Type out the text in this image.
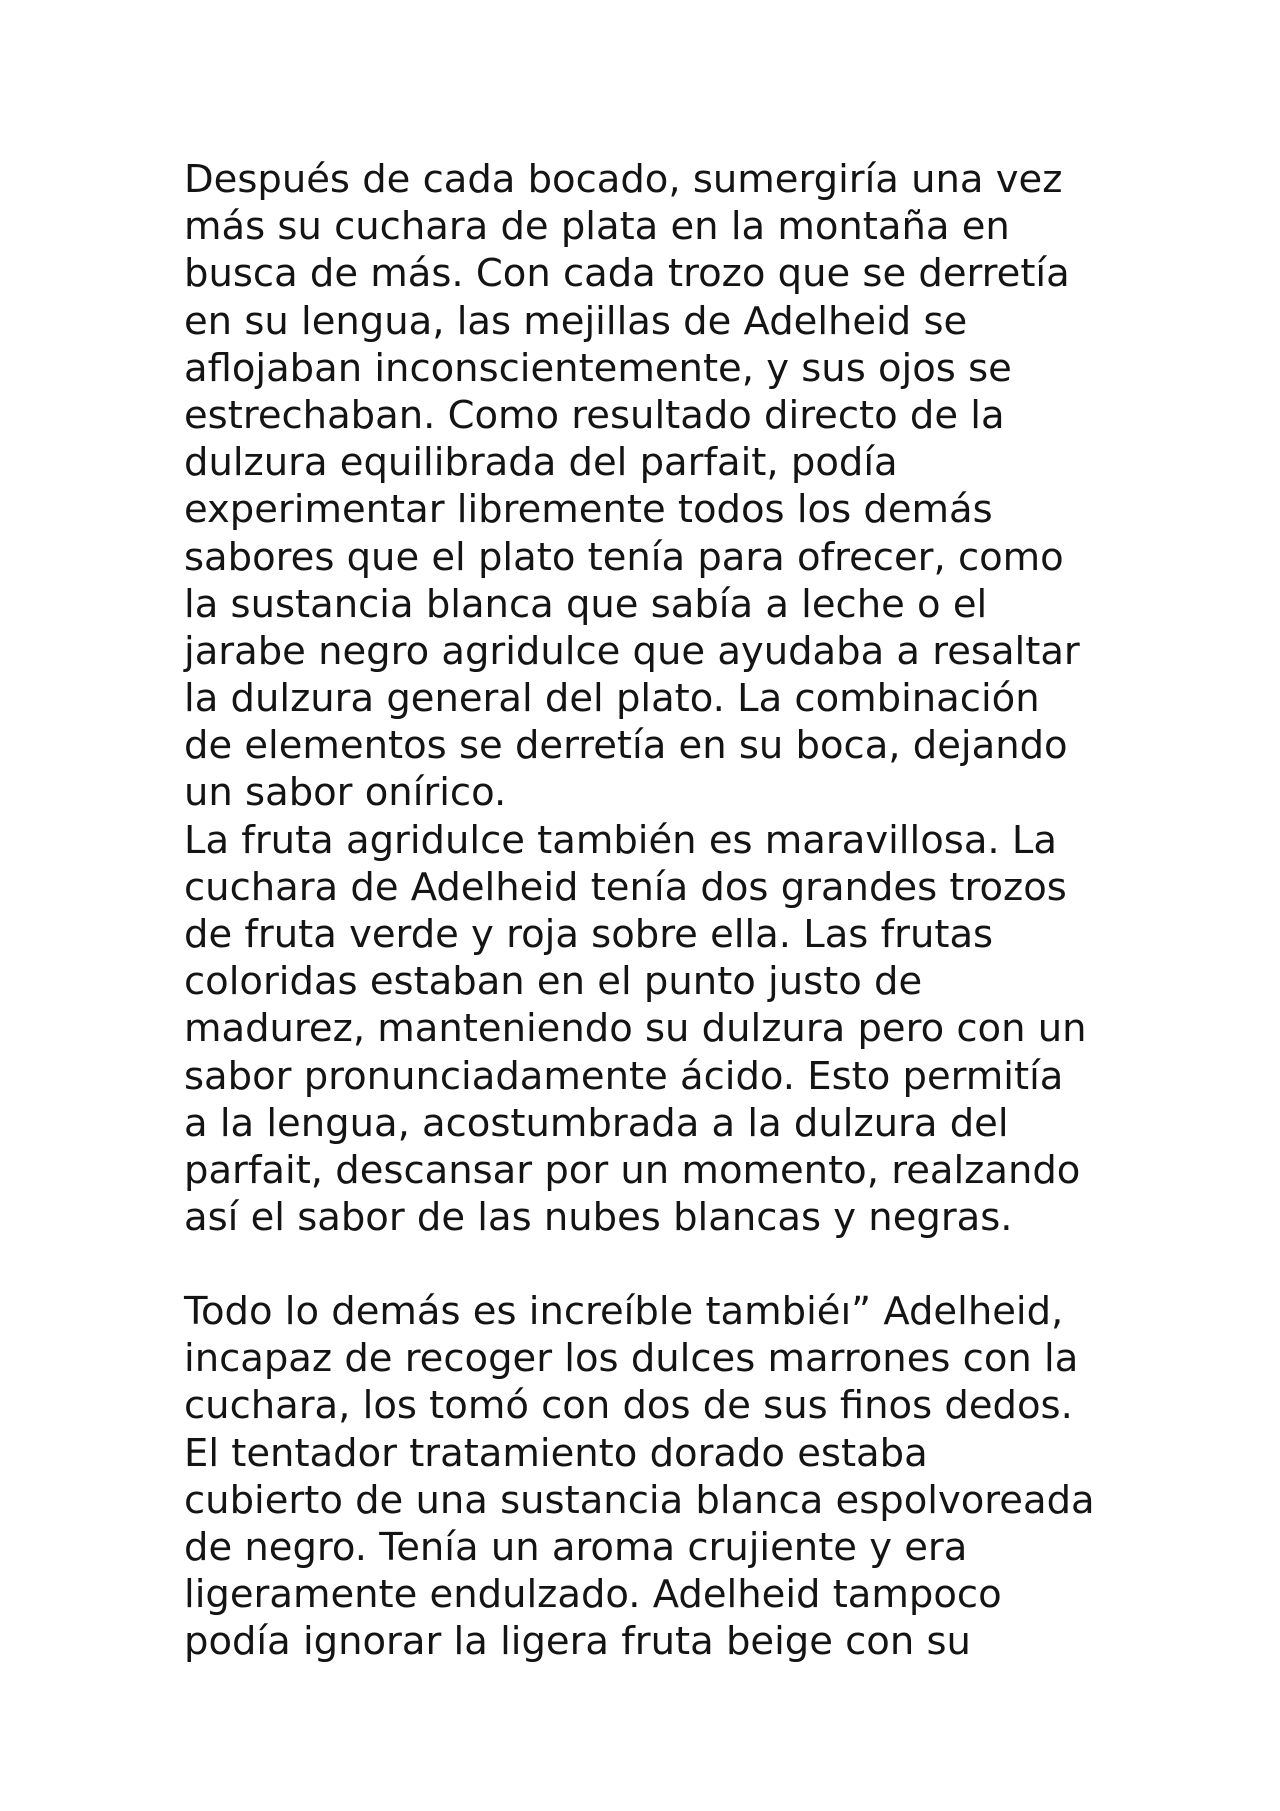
Después de cada bocado, sumergiría una vez
más su cuchara de plata en la montaña en
busca de más. Con cada trozo que se derretía
en su lengua, las mejillas de Adelheid se
aflojaban inconscientemente, y sus ojos se
estrechaban. Como resultado directo de la
dulzura equilibrada del parfait, podía
experimentar libremente todos los demás
sabores que el plato tenía para ofrecer, como
la sustancia blanca que sabía a leche o el
jarabe negro agridulce que ayudaba a resaltar
la dulzura general del plato. La combinación
de elementos se derretía en su boca, dejando
un sabor onírico.
La fruta agridulce también es maravillosa. La
cuchara de Adelheid tenía dos grandes trozos
de fruta verde y roja sobre ella. Las frutas
coloridas estaban en el punto justo de
madurez, manteniendo su dulzura pero con un
sabor pronunciadamente ácido. Esto permitía
a la lengua, acostumbrada a la dulzura del
parfait, descansar por un momento, realzando
así el sabor de las nubes blancas y negras.
Todo lo demás es increíble tambiéı” Adelheid,
incapaz de recoger los dulces marrones con la
cuchara, los tomó con dos de sus finos dedos.
El tentador tratamiento dorado estaba
cubierto de una sustancia blanca espolvoreada
de negro. Tenía un aroma crujiente y era
ligeramente endulzado. Adelheid tampoco
podía ignorar la ligera fruta beige con su
